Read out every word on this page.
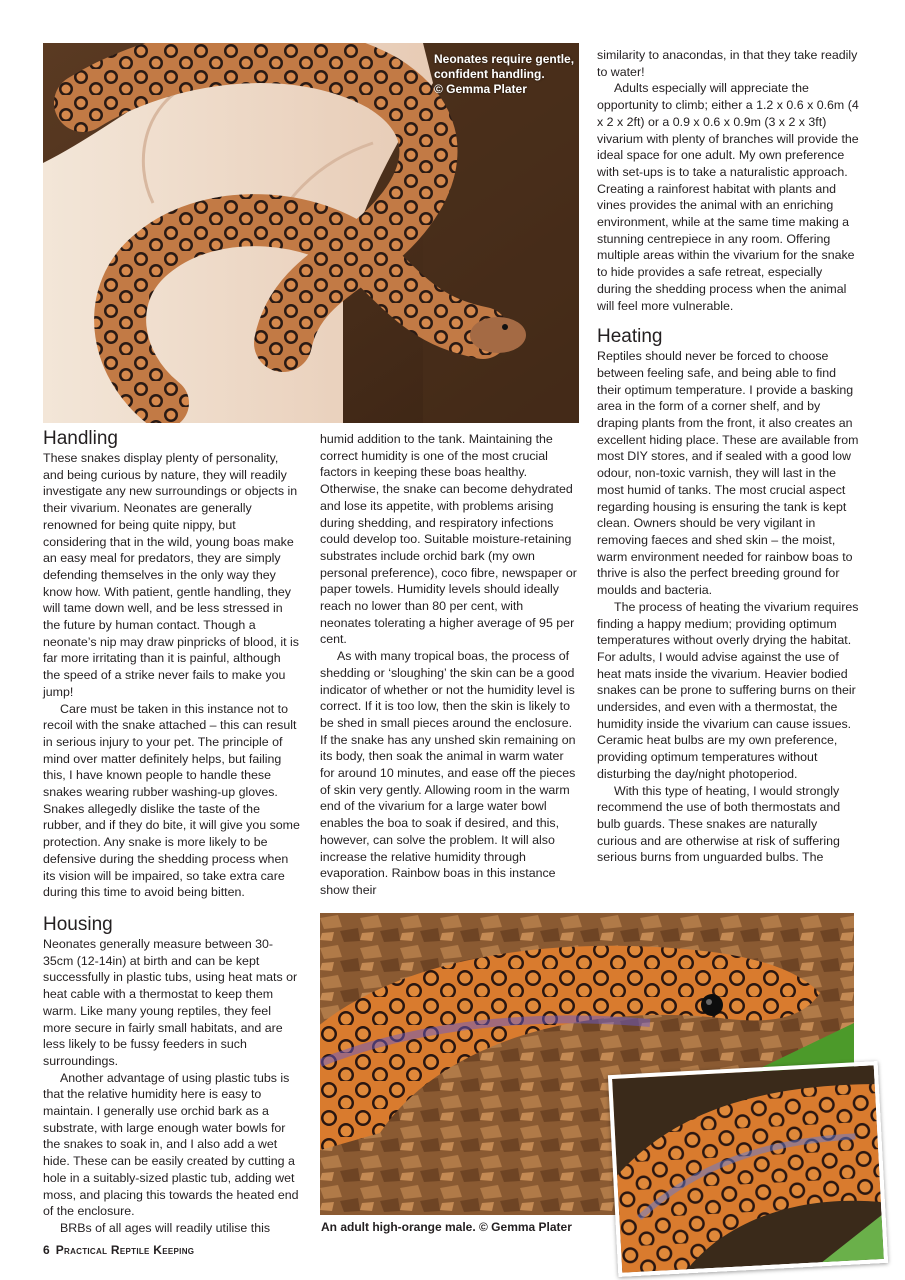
Neonates require gentle,
confident handling.
© Gemma Plater
Handling

These snakes display plenty of personality, and being curious by nature, they will readily investigate any new surroundings or objects in their vivarium. Neonates are generally renowned for being quite nippy, but considering that in the wild, young boas make an easy meal for predators, they are simply defending themselves in the only way they know how. With patient, gentle handling, they will tame down well, and be less stressed in the future by human contact. Though a neonate’s nip may draw pinpricks of blood, it is far more irritating than it is painful, although the speed of a strike never fails to make you jump!

Care must be taken in this instance not to recoil with the snake attached – this can result in serious injury to your pet. The principle of mind over matter definitely helps, but failing this, I have known people to handle these snakes wearing rubber washing-up gloves. Snakes allegedly dislike the taste of the rubber, and if they do bite, it will give you some protection. Any snake is more likely to be defensive during the shedding process when its vision will be impaired, so take extra care during this time to avoid being bitten.

Housing

Neonates generally measure between 30-35cm (12-14in) at birth and can be kept successfully in plastic tubs, using heat mats or heat cable with a thermostat to keep them warm. Like many young reptiles, they feel more secure in fairly small habitats, and are less likely to be fussy feeders in such surroundings.

Another advantage of using plastic tubs is that the relative humidity here is easy to maintain. I generally use orchid bark as a substrate, with large enough water bowls for the snakes to soak in, and I also add a wet hide. These can be easily created by cutting a hole in a suitably-sized plastic tub, adding wet moss, and placing this towards the heated end of the enclosure.

BRBs of all ages will readily utilise this

humid addition to the tank. Maintaining the correct humidity is one of the most crucial factors in keeping these boas healthy. Otherwise, the snake can become dehydrated and lose its appetite, with problems arising during shedding, and respiratory infections could develop too. Suitable moisture-retaining substrates include orchid bark (my own personal preference), coco fibre, newspaper or paper towels. Humidity levels should ideally reach no lower than 80 per cent, with neonates tolerating a higher average of 95 per cent.

As with many tropical boas, the process of shedding or ‘sloughing’ the skin can be a good indicator of whether or not the humidity level is correct. If it is too low, then the skin is likely to be shed in small pieces around the enclosure. If the snake has any unshed skin remaining on its body, then soak the animal in warm water for around 10 minutes, and ease off the pieces of skin very gently. Allowing room in the warm end of the vivarium for a large water bowl enables the boa to soak if desired, and this, however, can solve the problem. It will also increase the relative humidity through evaporation. Rainbow boas in this instance show their

similarity to anacondas, in that they take readily to water!

Adults especially will appreciate the opportunity to climb; either a 1.2 x 0.6 x 0.6m (4 x 2 x 2ft) or a 0.9 x 0.6 x 0.9m (3 x 2 x 3ft) vivarium with plenty of branches will provide the ideal space for one adult. My own preference with set-ups is to take a naturalistic approach. Creating a rainforest habitat with plants and vines provides the animal with an enriching environment, while at the same time making a stunning centrepiece in any room. Offering multiple areas within the vivarium for the snake to hide provides a safe retreat, especially during the shedding process when the animal will feel more vulnerable.

Heating

Reptiles should never be forced to choose between feeling safe, and being able to find their optimum temperature. I provide a basking area in the form of a corner shelf, and by draping plants from the front, it also creates an excellent hiding place. These are available from most DIY stores, and if sealed with a good low odour, non-toxic varnish, they will last in the most humid of tanks. The most crucial aspect regarding housing is ensuring the tank is kept clean. Owners should be very vigilant in removing faeces and shed skin – the moist, warm environment needed for rainbow boas to thrive is also the perfect breeding ground for moulds and bacteria.

The process of heating the vivarium requires finding a happy medium; providing optimum temperatures without overly drying the habitat. For adults, I would advise against the use of heat mats inside the vivarium. Heavier bodied snakes can be prone to suffering burns on their undersides, and even with a thermostat, the humidity inside the vivarium can cause issues. Ceramic heat bulbs are my own preference, providing optimum temperatures without disturbing the day/night photoperiod.

With this type of heating, I would strongly recommend the use of both thermostats and bulb guards. These snakes are naturally curious and are otherwise at risk of suffering serious burns from unguarded bulbs. The

An adult high-orange male. © Gemma Plater
6 Practical Reptile Keeping
